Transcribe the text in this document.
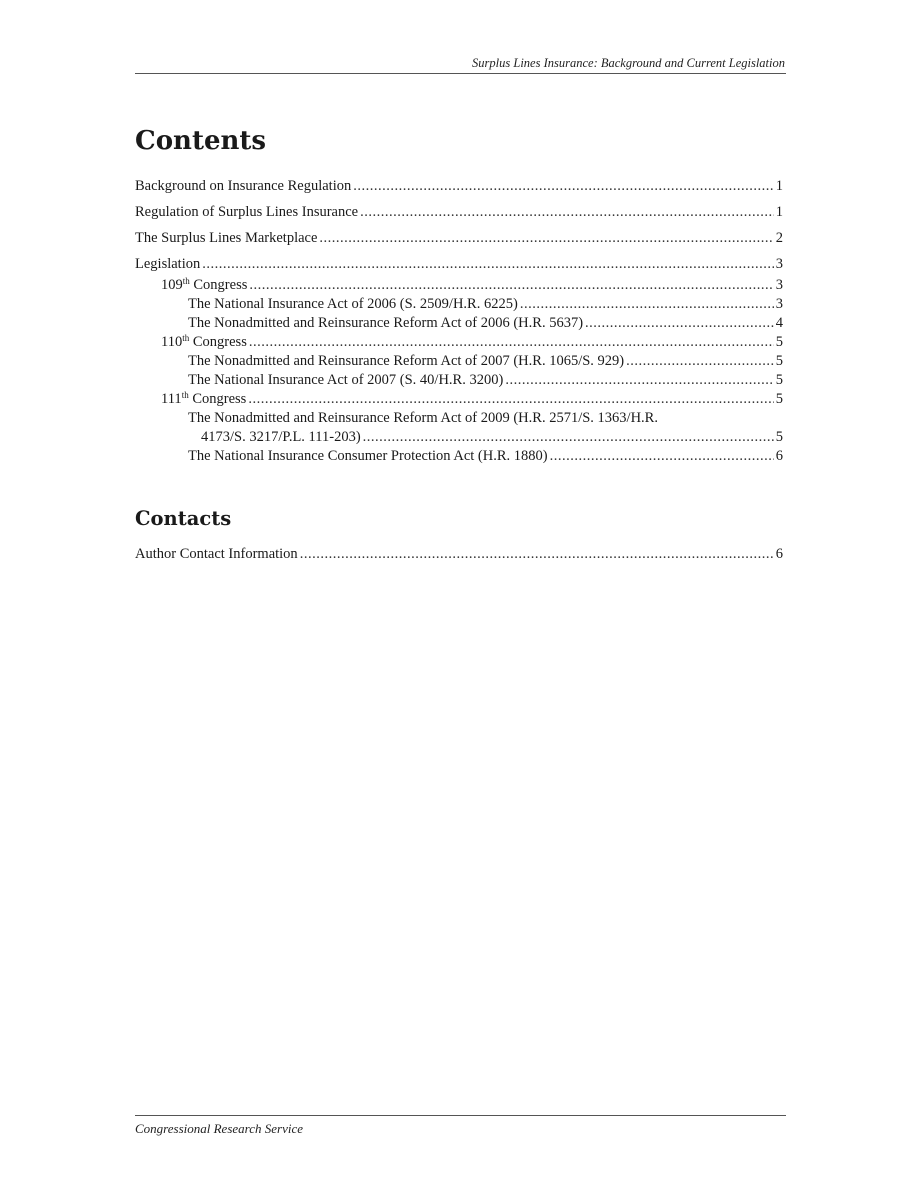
Surplus Lines Insurance: Background and Current Legislation
Contents
Background on Insurance Regulation .....	1
Regulation of Surplus Lines Insurance .....	1
The Surplus Lines Marketplace .....	2
Legislation .....	3
109th Congress .....	3
The National Insurance Act of 2006 (S. 2509/H.R. 6225) .....	3
The Nonadmitted and Reinsurance Reform Act of 2006 (H.R. 5637) .....	4
110th Congress .....	5
The Nonadmitted and Reinsurance Reform Act of 2007 (H.R. 1065/S. 929) .....	5
The National Insurance Act of 2007 (S. 40/H.R. 3200) .....	5
111th Congress .....	5
The Nonadmitted and Reinsurance Reform Act of 2009 (H.R. 2571/S. 1363/H.R.
4173/S. 3217/P.L. 111-203) .....	5
The National Insurance Consumer Protection Act (H.R. 1880) .....	6
Contacts
Author Contact Information .....	6
Congressional Research Service
